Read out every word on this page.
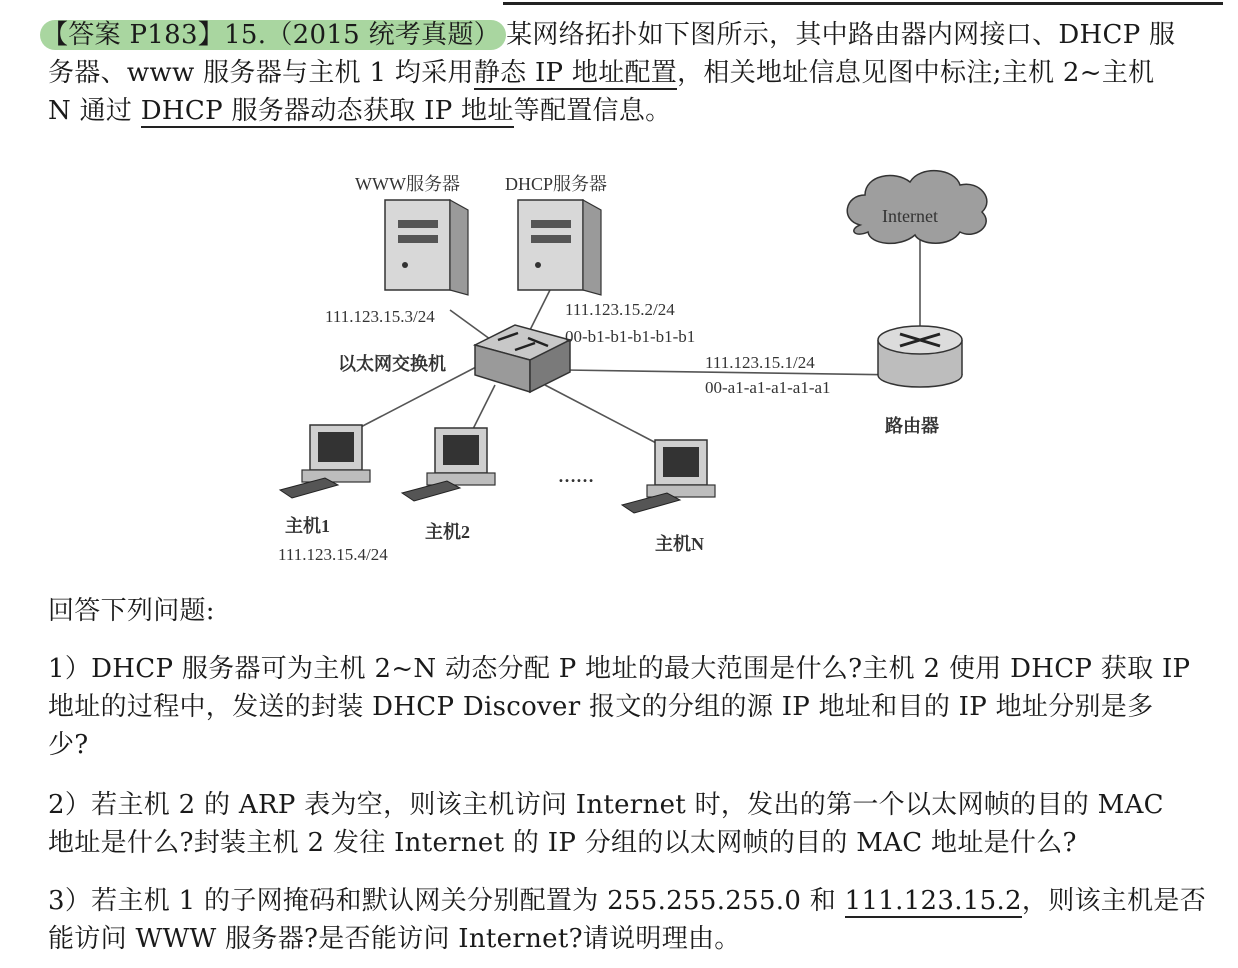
【答案 P183】15.（2015 统考真题） 某网络拓扑如下图所示，其中路由器内网接口、DHCP 服
务器、www 服务器与主机 1 均采用静态 IP 地址配置，相关地址信息见图中标注;主机 2~主机
N 通过 DHCP 服务器动态获取 IP 地址等配置信息。
WWW服务器	DHCP服务器
Internet
111.123.15.3/24	111.123.15.2/24
00-b1-b1-b1-b1-b1
以太网交换机	111.123.15.1/24
00-a1-a1-a1-a1-a1
路由器
主机1
111.123.15.4/24
主机2
……
主机N
回答下列问题:
1）DHCP 服务器可为主机 2~N 动态分配 P 地址的最大范围是什么?主机 2 使用 DHCP 获取 IP
地址的过程中，发送的封装 DHCP Discover 报文的分组的源 IP 地址和目的 IP 地址分别是多
少?
2）若主机 2 的 ARP 表为空，则该主机访问 Internet 时，发出的第一个以太网帧的目的 MAC
地址是什么?封装主机 2 发往 Internet 的 IP 分组的以太网帧的目的 MAC 地址是什么?
3）若主机 1 的子网掩码和默认网关分别配置为 255.255.255.0 和 111.123.15.2，则该主机是否
能访问 WWW 服务器?是否能访问 Internet?请说明理由。
